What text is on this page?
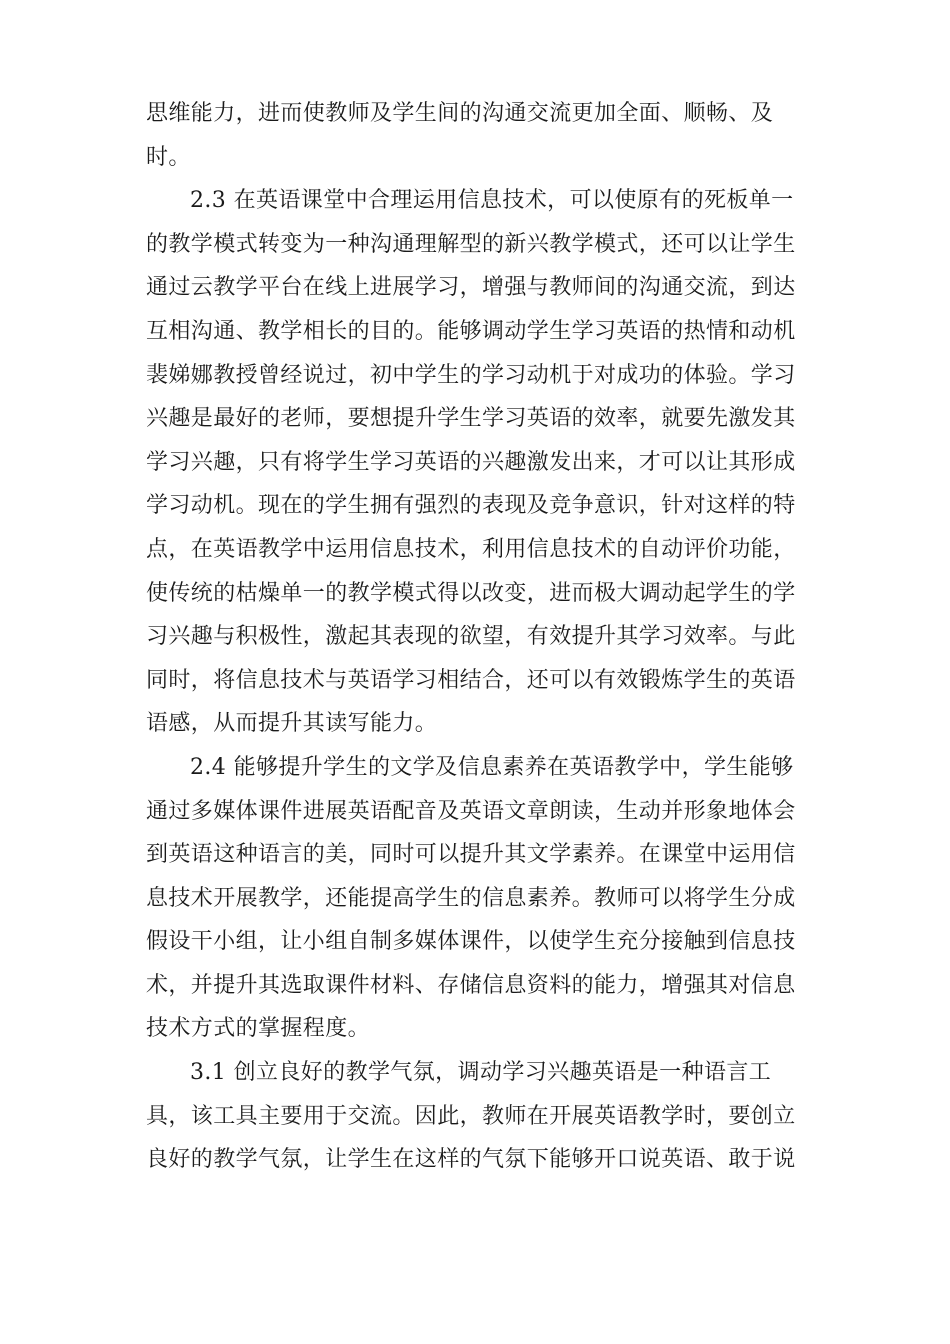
思维能力，进而使教师及学生间的沟通交流更加全面、顺畅、及
时。
2.3 在英语课堂中合理运用信息技术，可以使原有的死板单一
的教学模式转变为一种沟通理解型的新兴教学模式，还可以让学生
通过云教学平台在线上进展学习，增强与教师间的沟通交流，到达
互相沟通、教学相长的目的。能够调动学生学习英语的热情和动机
裴娣娜教授曾经说过，初中学生的学习动机于对成功的体验。学习
兴趣是最好的老师，要想提升学生学习英语的效率，就要先激发其
学习兴趣，只有将学生学习英语的兴趣激发出来，才可以让其形成
学习动机。现在的学生拥有强烈的表现及竞争意识，针对这样的特
点，在英语教学中运用信息技术，利用信息技术的自动评价功能，
使传统的枯燥单一的教学模式得以改变，进而极大调动起学生的学
习兴趣与积极性，激起其表现的欲望，有效提升其学习效率。与此
同时，将信息技术与英语学习相结合，还可以有效锻炼学生的英语
语感，从而提升其读写能力。
2.4 能够提升学生的文学及信息素养在英语教学中，学生能够
通过多媒体课件进展英语配音及英语文章朗读，生动并形象地体会
到英语这种语言的美，同时可以提升其文学素养。在课堂中运用信
息技术开展教学，还能提高学生的信息素养。教师可以将学生分成
假设干小组，让小组自制多媒体课件，以使学生充分接触到信息技
术，并提升其选取课件材料、存储信息资料的能力，增强其对信息
技术方式的掌握程度。
3.1 创立良好的教学气氛，调动学习兴趣英语是一种语言工
具，该工具主要用于交流。因此，教师在开展英语教学时，要创立
良好的教学气氛，让学生在这样的气氛下能够开口说英语、敢于说
